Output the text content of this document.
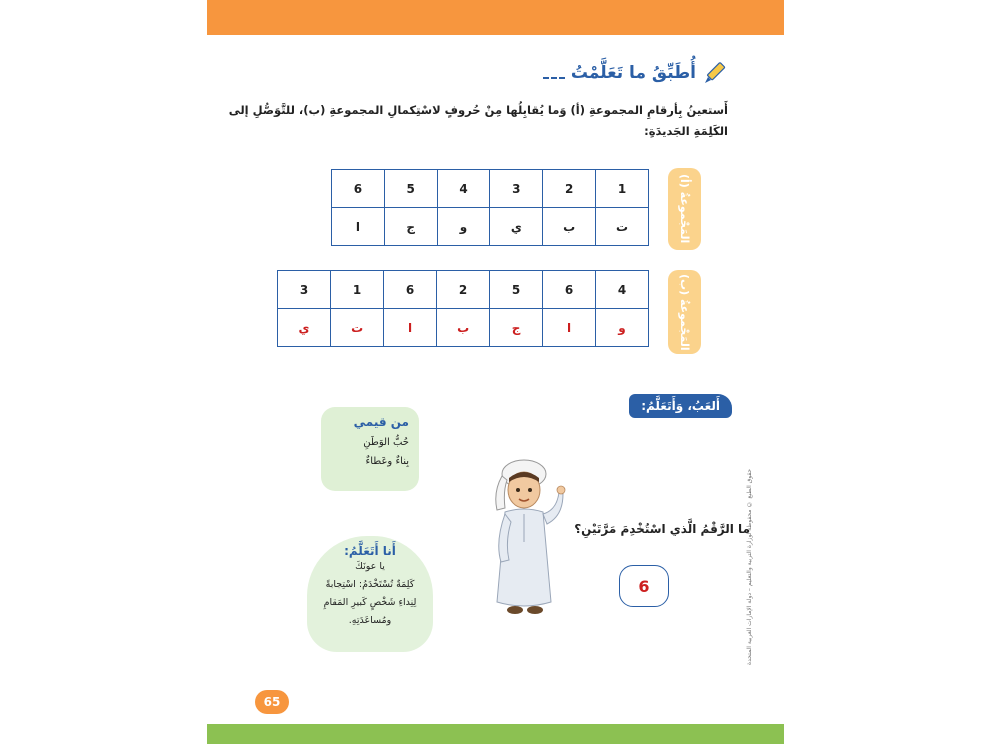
أُطَبِّقُ ما تَعَلَّمْتُ
أَستعينُ بِأرقامِ المجموعةِ (أ) وَما يُقابِلُها مِنْ حُروفٍ لاسْتِكمالِ المجموعةِ (ب)، للتَّوَصُّلِ إلى الكَلِمَةِ الجَديدَةِ:
1	2	3	4	5	6
ت	ب	ي	و	ج	ا	المَجْموعةُ (أ)
4	6	5	2	6	1	3
و	ا	ج	ب	ا	ت	ي	المَجْموعةُ (ب)
أَلعَبُ، وَأَتَعَلَّمُ:
من قيمي
حُبُّ الوَطَنِ
بِناءٌ وعَطاءٌ
أَنا أَتَعَلَّمُ:
يا عونَكَ
كَلِمَةٌ تُسْتَخْدَمُ: اسْتِجابةً
لِنِداءِ شَخْصٍ كَبيرِ المَقامِ
ومُساعَدَتِهِ.
ما الرَّقْمُ الَّذي اسْتُخْدِمَ مَرَّتَيْنِ؟
6	حقوق الطبع © محفوظة لوزارة التربية والتعليم – دولة الإمارات العربية المتحدة
65
